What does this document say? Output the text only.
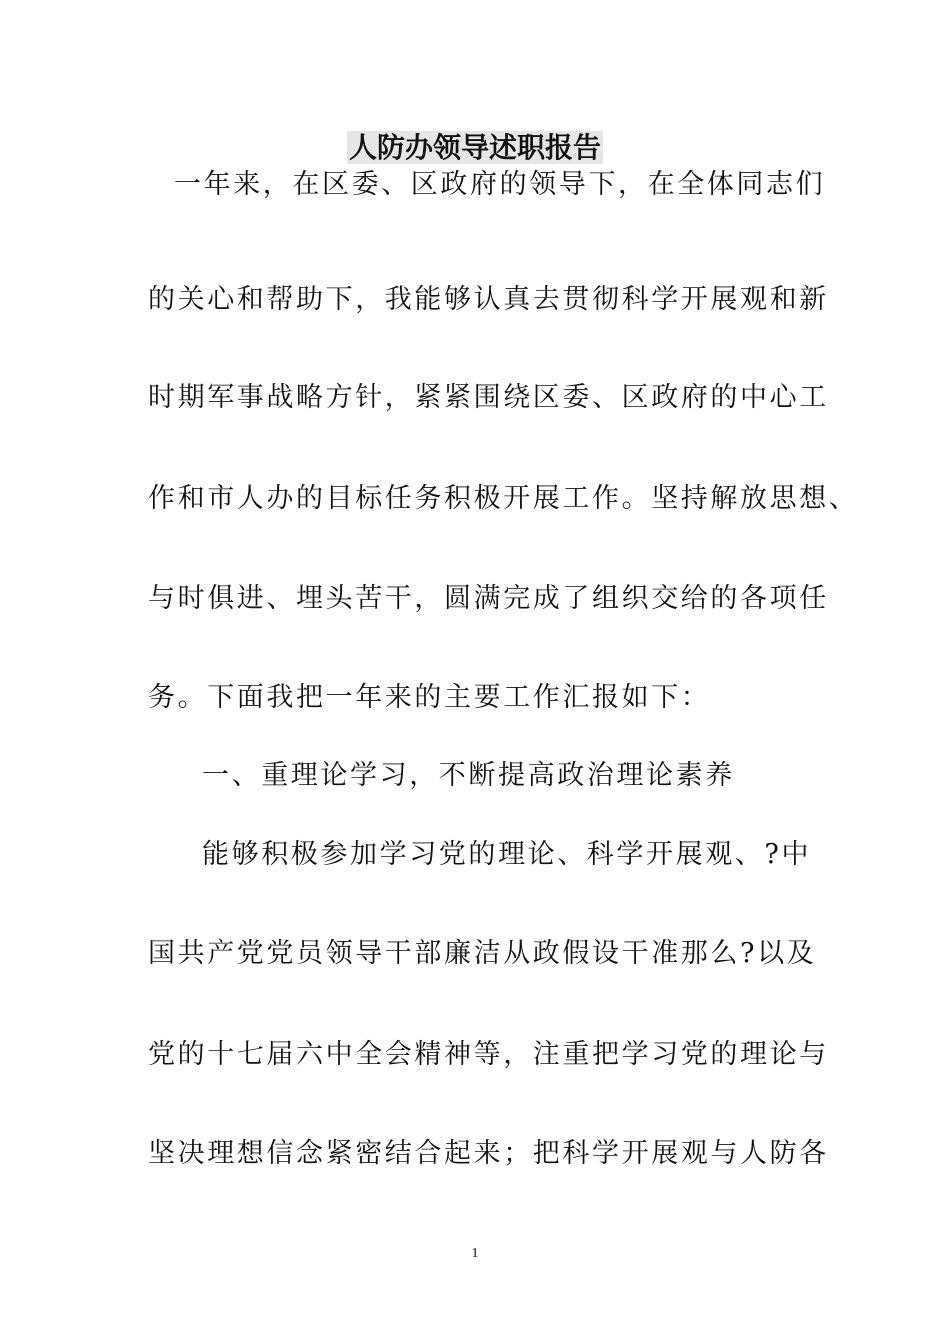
人防办领导述职报告
一年来，在区委、区政府的领导下，在全体同志们
的关心和帮助下，我能够认真去贯彻科学开展观和新
时期军事战略方针，紧紧围绕区委、区政府的中心工
作和市人办的目标任务积极开展工作。坚持解放思想、
与时俱进、埋头苦干，圆满完成了组织交给的各项任
务。下面我把一年来的主要工作汇报如下：
一、重理论学习，不断提高政治理论素养
能够积极参加学习党的理论、科学开展观、?中
国共产党党员领导干部廉洁从政假设干准那么?以及
党的十七届六中全会精神等，注重把学习党的理论与
坚决理想信念紧密结合起来；把科学开展观与人防各
1
